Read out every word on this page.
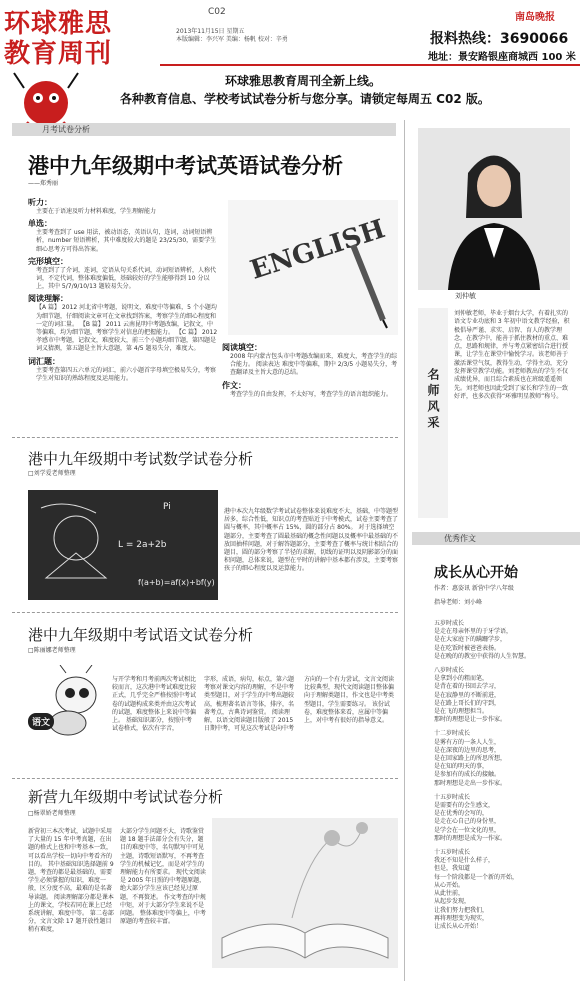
环球雅思
教育周刊
C02
2013年11月15日 星期五
本版编辑：李兴军 美编：杨帆 校对：辛勇
南岛晚报
报料热线：3690066
地址：景安路银座商城西 100 米
环球雅思教育周刊全新上线。
各种教育信息、学校考试试卷分析与您分享。请锁定每周五 C02 版。
月考试卷分析
港中九年级期中考试英语试卷分析
——郑秀丽
听力：
主要在于语速及听力材料难度，学生理解能力
单选：
主要考查到了 use 用法，被动语态，英语认句，连词，动词短语辨析，number 短语辨析，其中难度较大的题是 23/25/30，需要学生细心思考方可得出答案。
完形填空：
考查到了了介词，连词，定语从句关系代词，动词短语辨析，人称代词，不定代词，整体难度偏低，基础较好的学生能够得到 10 分以上，其中 5/7/9/10/13 题较易失分。
阅读理解：
【A 篇】 2012 河北省中考题，说明文，难度中等偏难，5 个小题均为细节题，仔细阅读文章可在文章找到答案，考察学生的细心程度和一定的词汇量。 【B 篇】 2011 云南昆明中考题改编，记叙文，中等偏难，均为细节题，考察学生对信息的把握能力。 【C 篇】 2012 孝感市中考题，记叙文，难度较大，前三个小题均细节题，第四题是词义猜测，第五题是主旨大意题，第 4/5 题易失分，难度大。
词汇题：
主要考查第四五六单元的词汇，前六小题首字母填空极易失分，考察学生对知识的熟练程度及运用能力。
ENGLISH
阅读填空：
2008 年内蒙古包头市中考题改编而来，难度大，考查学生的综合能力。 阅读表达 难度中等偏难，期中 2/3/5 小题易失分，考查翻译及主旨大意的总结。
作文：
考查学生的自由发挥，不太好写，考查学生的语言组织能力。
港中九年级期中考试数学试卷分析
□刘学爱老师整理
L = 2a+2b
f(a+b)=af(x)+bf(y)
Pi	港中本次九年级数学考试试卷整体来说难度不大，基础，中等题型居多，综合性低，知识点的考查贴近于中考模式，试卷主要考查了圆与概率，其中概率占 15%，圆的部分占 80%。 对于选择填空题部分，主要考查了圆最基础的概念性问题以及概率中最基础的不放回抽样问题，对于解答题部分，主要考查了概率与统计相结合的题目，圆的部分考察了半径的求解，切线的证明以及阴影部分的面积问题，总体来说，题型在平时的讲解中基本都有涉及，主要考察孩子的细心程度以及运算能力。
港中九年级期中考试语文试卷分析
□陈丽娜老师整理
语文
与开学考和月考前两次考试相比较而言，这次港中考试难度比较正式，几乎完全严格按照中考试卷的试题构成来类并由这次考试的试题，难度整体上来说中等偏上。 基础知识部分，按照中考试卷格式，依次有字音，
字形，成语，病句，标点，第六题考察对课文内容的理解，不是中考类型题目，对于学生的中考出题较高，梳理著名语言等体，排序，名著考点，古典诗词鉴赏。 阅读理解，以语文阅读题目版般了 2015 日期中考，可见这次考试是向中考
方向的一个有力尝试，文言文阅读比较典型，现代文阅读题目整体偏向于理解类题目，作文也是中考类型题目，学生需要练习。 该份试卷，难度整体来看，应属中等偏上，对中考有很好的指导意义。
新营九年级期中考试试卷分析
□杨翠娇老师整理
新营初三本次考试，试题中采用了大量的 15 年中考真题，在出题的格式上也和中考基本一致，可以看出学校一切向中考看齐的目的。 其中基础知识选择题前 9 题，考查的都是最基础的，需要学生必须掌握的知识，难度一般，区分度不高，最难的是名著导读题。 阅读理解部分都是课本上的课文，学校若同在课上已经系统讲解，难度中等。 第二卷部分，文言文除 17 题开放性题目稍有难度，
大部分学生问题不大，诗歌鉴赏题 18 题手法部分会有失分，题目的难度中等，名句默写中可见主题，诗歌短语默写，不再考查学生的机械记忆，而是对学生的理解能力有所要求。 现代文阅读是 2005 年日照的中考题原题，绝大部分学生应该已经见过原题，不再赘述。 作文考查的中规中矩，对于大部分学生来说不是问题。 整体难度中等偏上，中考原题的考查较丰富。
刘仲敏
名师风采
刘仲敏老师，毕业于烟台大学，有着扎实的语文专业功底和 3 年初中语文教学经验，积极倡导严谨、求实、启智、育人的教学理念，在教学中，能善于抓住教材的重点、难点，思路和规律，并与考点紧密结合进行授课，让学生在课堂中愉悦学习。该老师善于激活课堂气氛，教得生动，学得主动，充分发挥课堂教学功能。刘老师教出的学生不仅成绩优异，而且综合素质也在班级遥遥领先。刘老师也因此受到了家长和学生的一致好评，也多次获得“环雅明星教师”称号。
优秀作文
成长从心开始
作者：惠姿讯 新营中学八年级
指导老师：刘小峰
五岁时成长
是走在母亲怀里的于牙学语，
是在大家庭下的蹒跚学步，
是在吃饭时被爸爸表扬。
是在晚的的教室中获得的人生智慧。
八岁时成长
是拿到小的粗而笔，
是背在着的书回去学习，
是在寂静里的不断前进，
是在路上哥长们的守到，
是在飞的理想担当。
那时的理想是让一步作家。
十二岁时成长
是雾有方的一条人人生，
是在深夜的边里的思考，
是在回家路上的所思所想，
是在知的明天的事，
是参加有的成长的接触。
那时理想是走出一步作家。
十五岁时成长
是需要有的会生感文，
是在优秀的会写的，
是走在心自己的身份里，
是学会在一位文化的里，
那时的理想是成为一作家。
十五岁时成长
我还不知是什么样子，
但是，我知道
每一个阶段都是一个新的开始，
从心开始。
从此往前，
从起步发现，
让我们努力把我们，
再将理想变为现实，
让成长从心开始！
